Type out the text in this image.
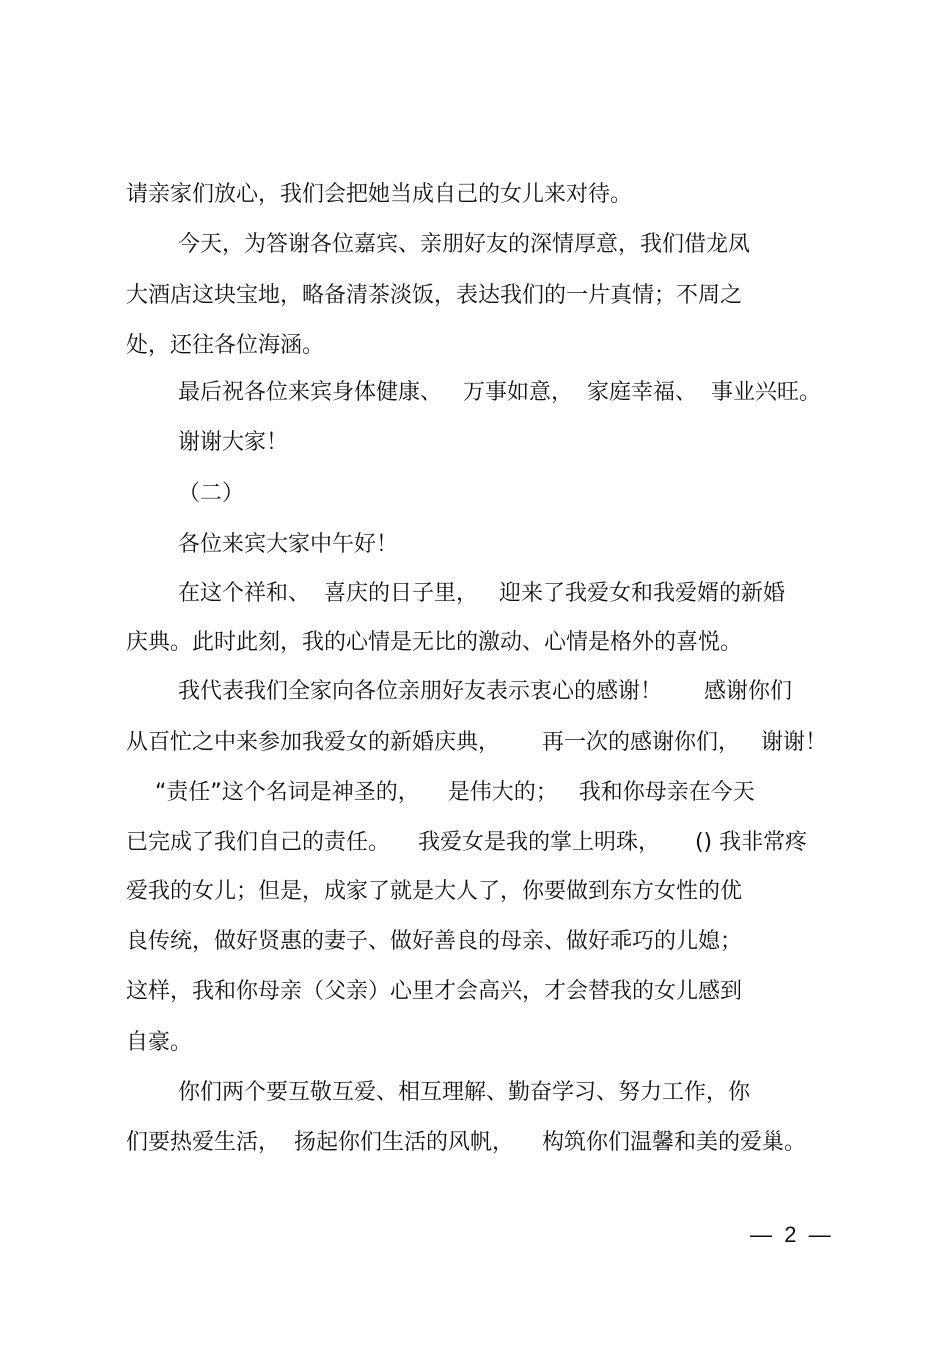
请亲家们放心，我们会把她当成自己的女儿来对待。
今天，为答谢各位嘉宾、亲朋好友的深情厚意，我们借龙凤
大酒店这块宝地，略备清茶淡饭，表达我们的一片真情；不周之
处，还往各位海涵。
最后祝各位来宾身体健康、   万事如意，  家庭幸福、  事业兴旺。
谢谢大家！
（二）
各位来宾大家中午好！
在这个祥和、  喜庆的日子里，   迎来了我爱女和我爱婿的新婚
庆典。此时此刻，我的心情是无比的激动、心情是格外的喜悦。
我代表我们全家向各位亲朋好友表示衷心的感谢！      感谢你们
从百忙之中来参加我爱女的新婚庆典，      再一次的感谢你们，   谢谢！
“责任”这个名词是神圣的，    是伟大的；   我和你母亲在今天
已完成了我们自己的责任。    我爱女是我的掌上明珠，     () 我非常疼
爱我的女儿；但是，成家了就是大人了，你要做到东方女性的优
良传统，做好贤惠的妻子、做好善良的母亲、做好乖巧的儿媳；
这样，我和你母亲（父亲）心里才会高兴，才会替我的女儿感到
自豪。
你们两个要互敬互爱、相互理解、勤奋学习、努力工作，你
们要热爱生活，  扬起你们生活的风帆，    构筑你们温馨和美的爱巢。
—  2  —
